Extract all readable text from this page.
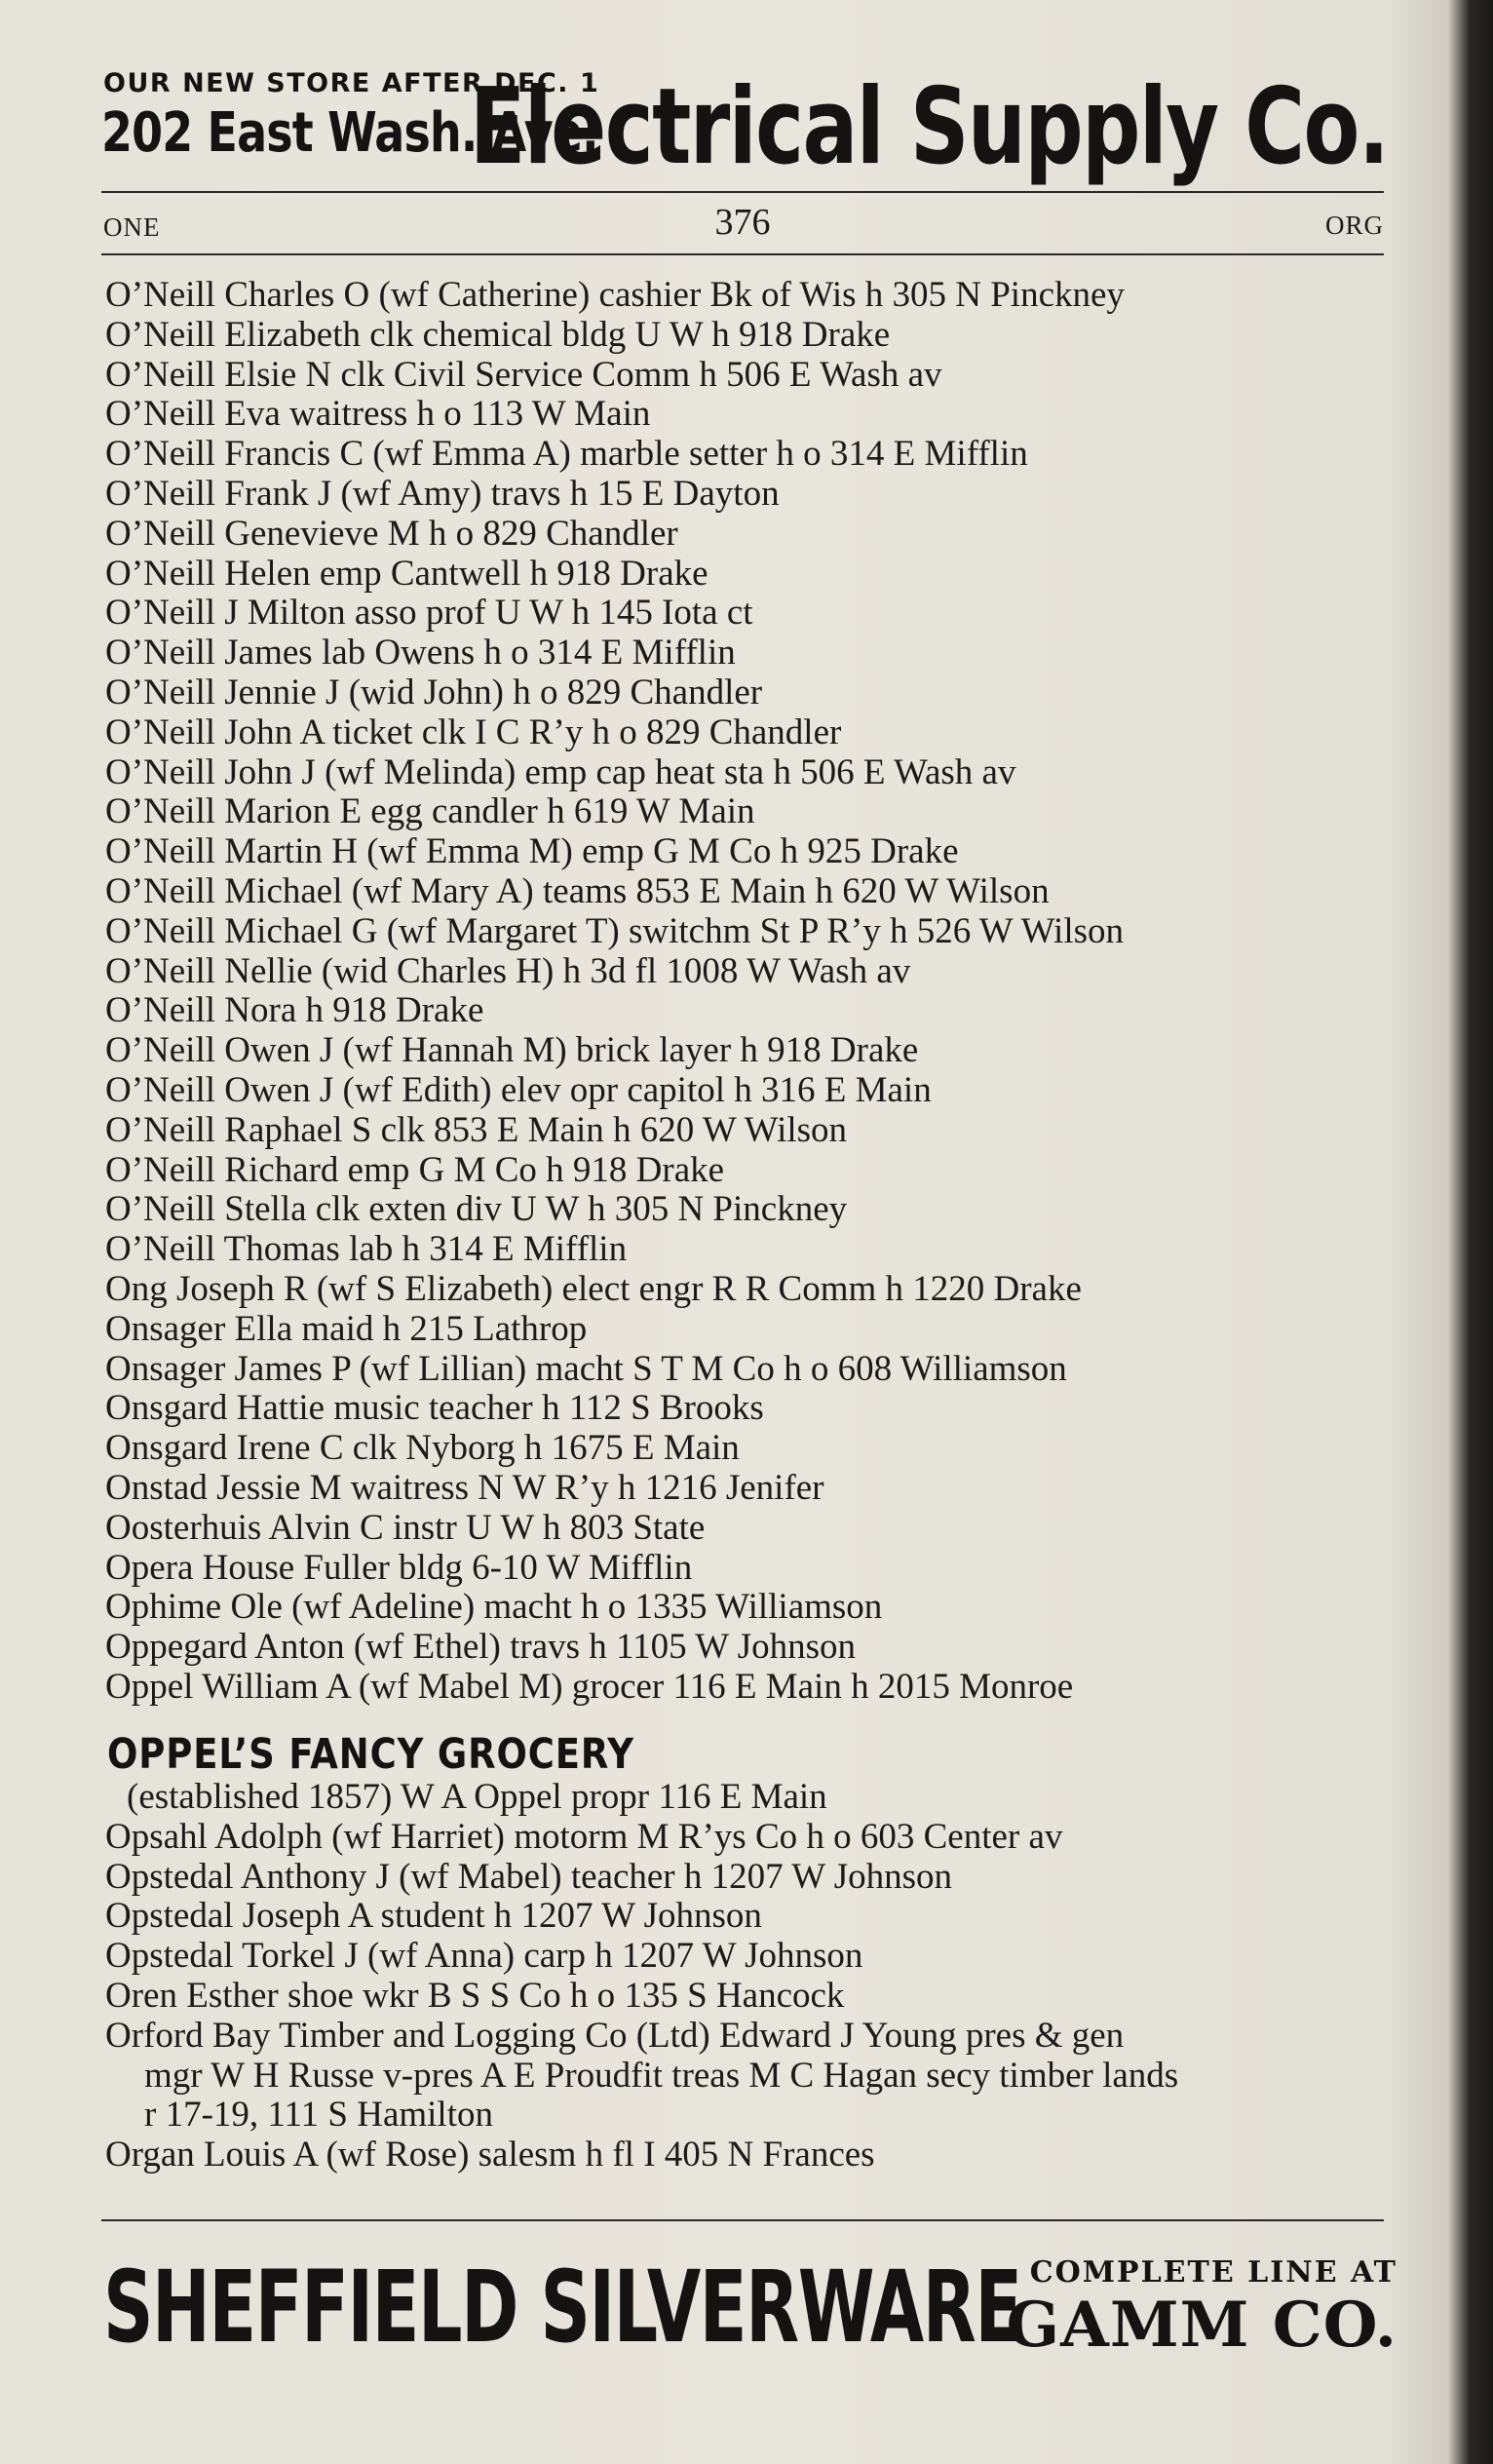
OUR NEW STORE AFTER DEC. 1
202 East Wash. Ave.
Electrical Supply Co.
ONE	376	ORG
O’Neill Charles O (wf Catherine) cashier Bk of Wis h 305 N Pinckney
O’Neill Elizabeth clk chemical bldg U W h 918 Drake
O’Neill Elsie N clk Civil Service Comm h 506 E Wash av
O’Neill Eva waitress h o 113 W Main
O’Neill Francis C (wf Emma A) marble setter h o 314 E Mifflin
O’Neill Frank J (wf Amy) travs h 15 E Dayton
O’Neill Genevieve M h o 829 Chandler
O’Neill Helen emp Cantwell h 918 Drake
O’Neill J Milton asso prof U W h 145 Iota ct
O’Neill James lab Owens h o 314 E Mifflin
O’Neill Jennie J (wid John) h o 829 Chandler
O’Neill John A ticket clk I C R’y h o 829 Chandler
O’Neill John J (wf Melinda) emp cap heat sta h 506 E Wash av
O’Neill Marion E egg candler h 619 W Main
O’Neill Martin H (wf Emma M) emp G M Co h 925 Drake
O’Neill Michael (wf Mary A) teams 853 E Main h 620 W Wilson
O’Neill Michael G (wf Margaret T) switchm St P R’y h 526 W Wilson
O’Neill Nellie (wid Charles H) h 3d fl 1008 W Wash av
O’Neill Nora h 918 Drake
O’Neill Owen J (wf Hannah M) brick layer h 918 Drake
O’Neill Owen J (wf Edith) elev opr capitol h 316 E Main
O’Neill Raphael S clk 853 E Main h 620 W Wilson
O’Neill Richard emp G M Co h 918 Drake
O’Neill Stella clk exten div U W h 305 N Pinckney
O’Neill Thomas lab h 314 E Mifflin
Ong Joseph R (wf S Elizabeth) elect engr R R Comm h 1220 Drake
Onsager Ella maid h 215 Lathrop
Onsager James P (wf Lillian) macht S T M Co h o 608 Williamson
Onsgard Hattie music teacher h 112 S Brooks
Onsgard Irene C clk Nyborg h 1675 E Main
Onstad Jessie M waitress N W R’y h 1216 Jenifer
Oosterhuis Alvin C instr U W h 803 State
Opera House Fuller bldg 6-10 W Mifflin
Ophime Ole (wf Adeline) macht h o 1335 Williamson
Oppegard Anton (wf Ethel) travs h 1105 W Johnson
Oppel William A (wf Mabel M) grocer 116 E Main h 2015 Monroe
OPPEL’S FANCY GROCERY
(established 1857) W A Oppel propr 116 E Main
Opsahl Adolph (wf Harriet) motorm M R’ys Co h o 603 Center av
Opstedal Anthony J (wf Mabel) teacher h 1207 W Johnson
Opstedal Joseph A student h 1207 W Johnson
Opstedal Torkel J (wf Anna) carp h 1207 W Johnson
Oren Esther shoe wkr B S S Co h o 135 S Hancock
Orford Bay Timber and Logging Co (Ltd) Edward J Young pres & gen
mgr W H Russe v-pres A E Proudfit treas M C Hagan secy timber lands
r 17-19, 111 S Hamilton
Organ Louis A (wf Rose) salesm h fl I 405 N Frances
SHEFFIELD SILVERWARE COMPLETE LINE AT
GAMM CO.
